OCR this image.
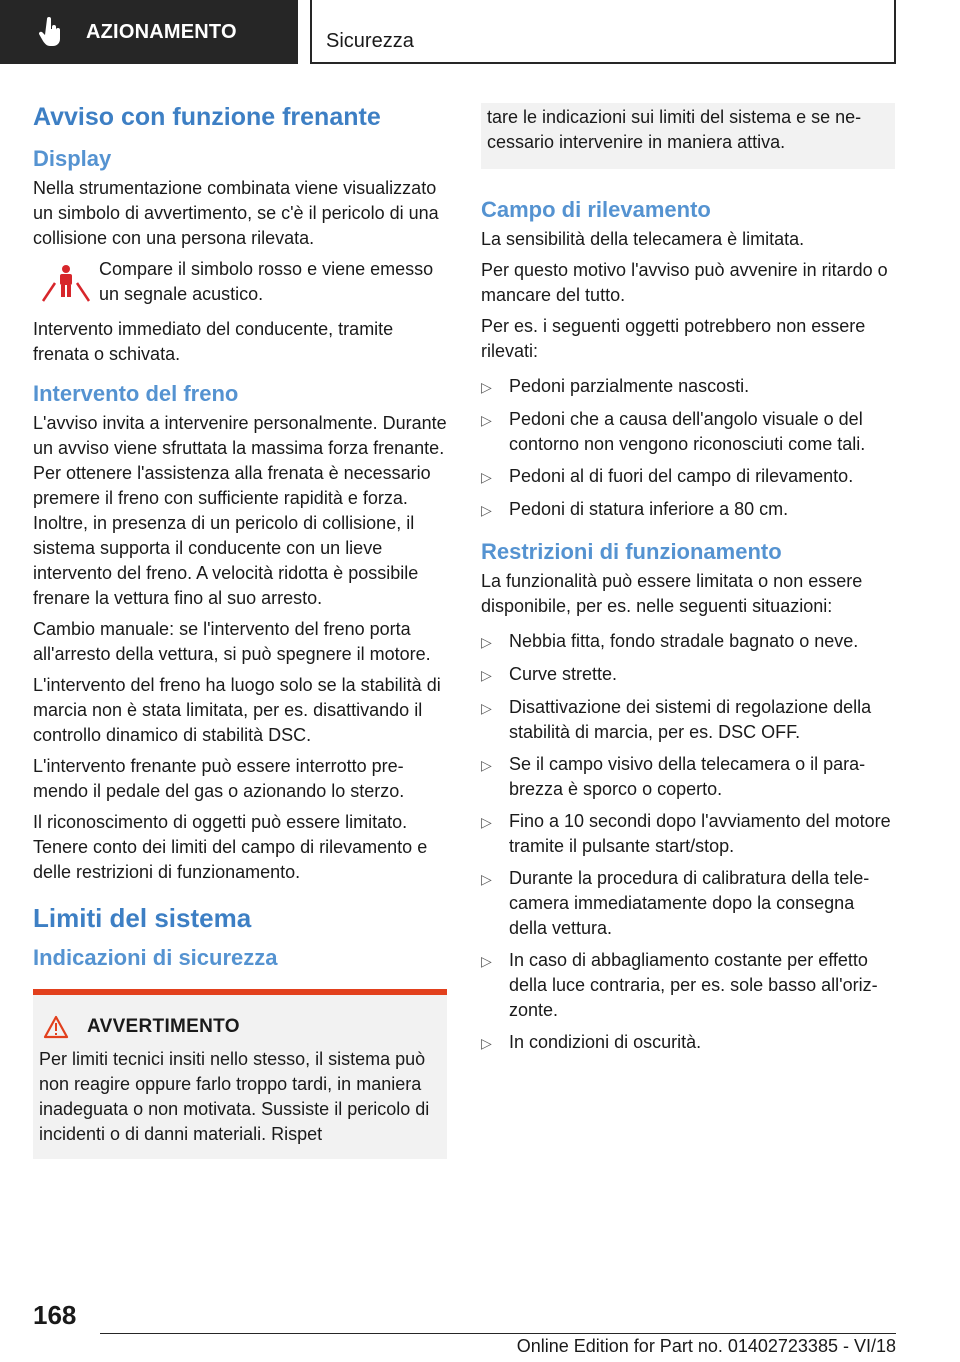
AZIONAMENTO	Sicurezza
Avviso con funzione frenante
Display
Nella strumentazione combinata viene visualizzato un simbolo di avvertimento, se c'è il pericolo di una collisione con una persona rilevata.
Compare il simbolo rosso e viene emesso un segnale acustico.
Intervento immediato del conducente, tramite frenata o schivata.
Intervento del freno
L'avviso invita a intervenire personalmente. Durante un avviso viene sfruttata la massima forza frenante. Per ottenere l'assistenza alla frenata è necessario premere il freno con sufficiente rapidità e forza. Inoltre, in presenza di un pericolo di collisione, il sistema supporta il conducente con un lieve intervento del freno. A velocità ridotta è possibile frenare la vettura fino al suo arresto.
Cambio manuale: se l'intervento del freno porta all'arresto della vettura, si può spegnere il motore.
L'intervento del freno ha luogo solo se la stabilità di marcia non è stata limitata, per es. disattivando il controllo dinamico di stabilità DSC.
L'intervento frenante può essere interrotto premendo il pedale del gas o azionando lo sterzo.
Il riconoscimento di oggetti può essere limitato. Tenere conto dei limiti del campo di rilevamento e delle restrizioni di funzionamento.
Limiti del sistema
Indicazioni di sicurezza
AVVERTIMENTO
Per limiti tecnici insiti nello stesso, il sistema può non reagire oppure farlo troppo tardi, in maniera inadeguata o non motivata. Sussiste il pericolo di incidenti o di danni materiali. Rispet
tare le indicazioni sui limiti del sistema e se necessario intervenire in maniera attiva.
Campo di rilevamento
La sensibilità della telecamera è limitata.
Per questo motivo l'avviso può avvenire in ritardo o mancare del tutto.
Per es. i seguenti oggetti potrebbero non essere rilevati:
▷ Pedoni parzialmente nascosti.
▷ Pedoni che a causa dell'angolo visuale o del contorno non vengono riconosciuti come tali.
▷ Pedoni al di fuori del campo di rilevamento.
▷ Pedoni di statura inferiore a 80 cm.
Restrizioni di funzionamento
La funzionalità può essere limitata o non essere disponibile, per es. nelle seguenti situazioni:
▷ Nebbia fitta, fondo stradale bagnato o neve.
▷ Curve strette.
▷ Disattivazione dei sistemi di regolazione della stabilità di marcia, per es. DSC OFF.
▷ Se il campo visivo della telecamera o il parabrezza è sporco o coperto.
▷ Fino a 10 secondi dopo l'avviamento del motore tramite il pulsante start/stop.
▷ Durante la procedura di calibratura della telecamera immediatamente dopo la consegna della vettura.
▷ In caso di abbagliamento costante per effetto della luce contraria, per es. sole basso all'orizzonte.
▷ In condizioni di oscurità.
168
Online Edition for Part no. 01402723385 - VI/18
